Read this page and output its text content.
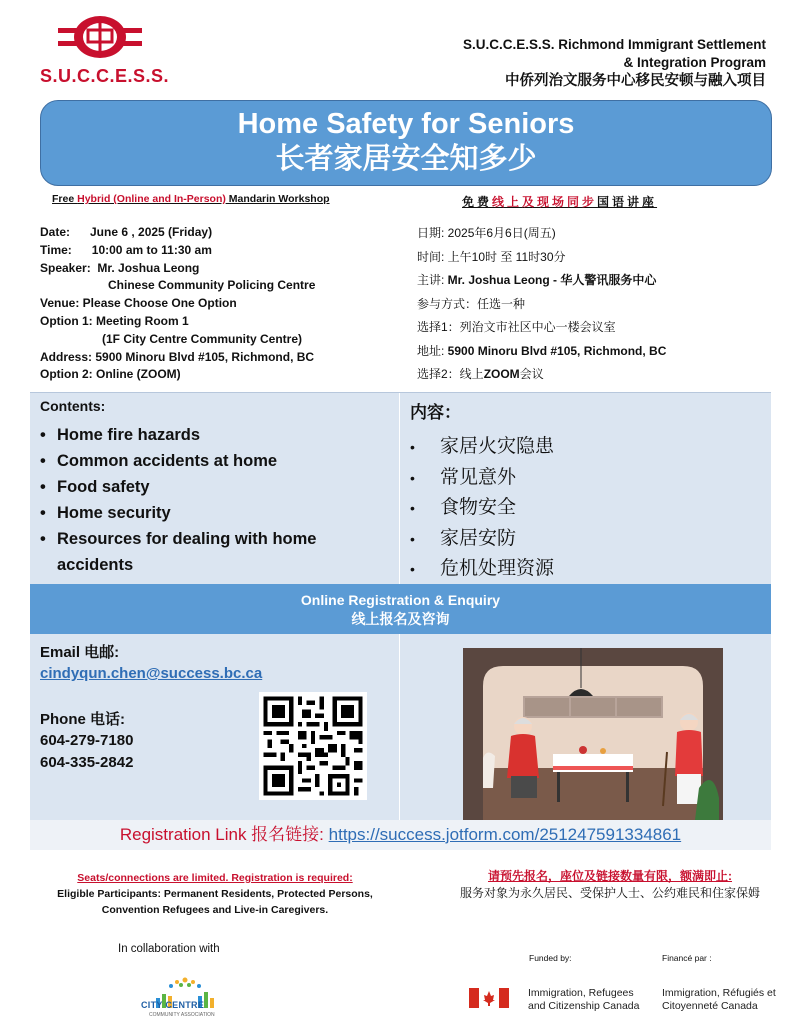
S.U.C.C.E.S.S.
S.U.C.C.E.S.S. Richmond Immigrant Settlement
& Integration Program
中侨列治文服务中心移民安顿与融入项目
Home Safety for Seniors
长者家居安全知多少
Free Hybrid (Online and In-Person) Mandarin Workshop	免费线上及现场同步国语讲座
Date:      June 6 , 2025 (Friday)
Time:      10:00 am to 11:30 am
Speaker:  Mr. Joshua Leong
Chinese Community Policing Centre
Venue: Please Choose One Option
Option 1: Meeting Room 1
(1F City Centre Community Centre)
Address: 5900 Minoru Blvd #105, Richmond, BC
Option 2: Online (ZOOM)
日期: 2025年6月6日(周五)
时间: 上午10时 至 11时30分
主讲: Mr. Joshua Leong - 华人警讯服务中心
参与方式：任选一种
选择1：列治文市社区中心一楼会议室
地址: 5900 Minoru Blvd #105, Richmond, BC
选择2：线上ZOOM会议
Contents:	内容：
• Home fire hazards
• Common accidents at home
• Food safety
• Home security
• Resources for dealing with home accidents
• 家居火灾隐患
• 常见意外
• 食物安全
• 家居安防
• 危机处理资源
Online Registration & Enquiry
线上报名及咨询
Email 电邮:
cindyqun.chen@success.bc.ca
Phone 电话:
604-279-7180
604-335-2842
Registration Link 报名链接: https://success.jotform.com/251247591334861
Seats/connections are limited. Registration is required:
Eligible Participants: Permanent Residents, Protected Persons, Convention Refugees and Live-in Caregivers.
请预先报名，座位及链接数量有限，额满即止:
服务对象为永久居民、受保护人士、公约难民和住家保姆
In collaboration with
CITY CENTRE
COMMUNITY ASSOCIATION
Funded by:	Financé par :
Immigration, Refugees and Citizenship Canada
Immigration, Réfugiés et Citoyenneté Canada
